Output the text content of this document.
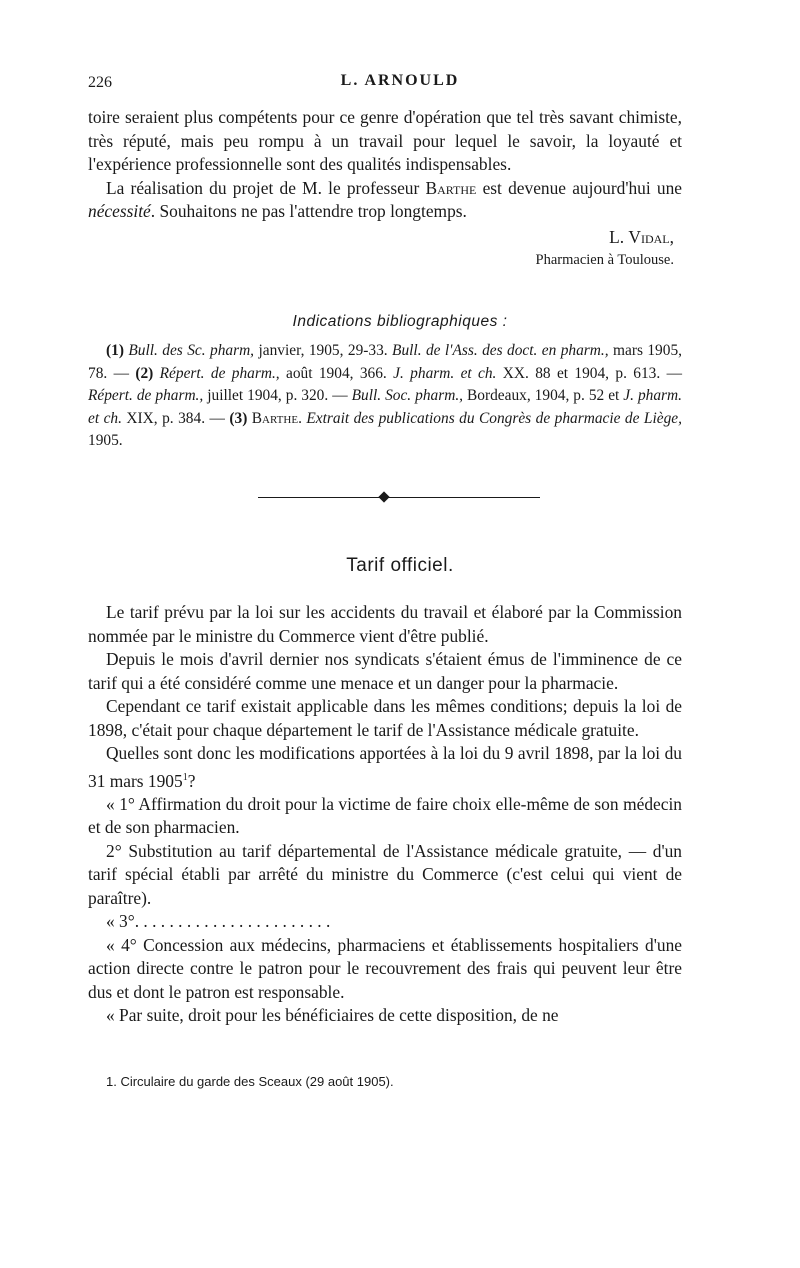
226	L. ARNOULD

toire seraient plus compétents pour ce genre d'opération que tel très savant chimiste, très réputé, mais peu rompu à un travail pour lequel le savoir, la loyauté et l'expérience professionnelle sont des qualités indispensables.

La réalisation du projet de M. le professeur Barthe est devenue aujourd'hui une nécessité. Souhaitons ne pas l'attendre trop longtemps.

L. Vidal,
Pharmacien à Toulouse.
Indications bibliographiques :

(1) Bull. des Sc. pharm, janvier, 1905, 29-33. Bull. de l'Ass. des doct. en pharm., mars 1905, 78. — (2) Répert. de pharm., août 1904, 366. J. pharm. et ch. XX. 88 et 1904, p. 613. — Répert. de pharm., juillet 1904, p. 320. — Bull. Soc. pharm., Bordeaux, 1904, p. 52 et J. pharm. et ch. XIX, p. 384. — (3) Barthe. Extrait des publications du Congrès de pharmacie de Liège, 1905.

Tarif officiel.

Le tarif prévu par la loi sur les accidents du travail et élaboré par la Commission nommée par le ministre du Commerce vient d'être publié.

Depuis le mois d'avril dernier nos syndicats s'étaient émus de l'imminence de ce tarif qui a été considéré comme une menace et un danger pour la pharmacie.

Cependant ce tarif existait applicable dans les mêmes conditions; depuis la loi de 1898, c'était pour chaque département le tarif de l'Assistance médicale gratuite.

Quelles sont donc les modifications apportées à la loi du 9 avril 1898, par la loi du 31 mars 1905$^1$?

« 1° Affirmation du droit pour la victime de faire choix elle-même de son médecin et de son pharmacien.

2° Substitution au tarif départemental de l'Assistance médicale gratuite, — d'un tarif spécial établi par arrêté du ministre du Commerce (c'est celui qui vient de paraître).

« 3°. . . . . . . . . . . . . . . . . . . . . . .

« 4° Concession aux médecins, pharmaciens et établissements hospitaliers d'une action directe contre le patron pour le recouvrement des frais qui peuvent leur être dus et dont le patron est responsable.

« Par suite, droit pour les bénéficiaires de cette disposition, de ne

1. Circulaire du garde des Sceaux (29 août 1905).
